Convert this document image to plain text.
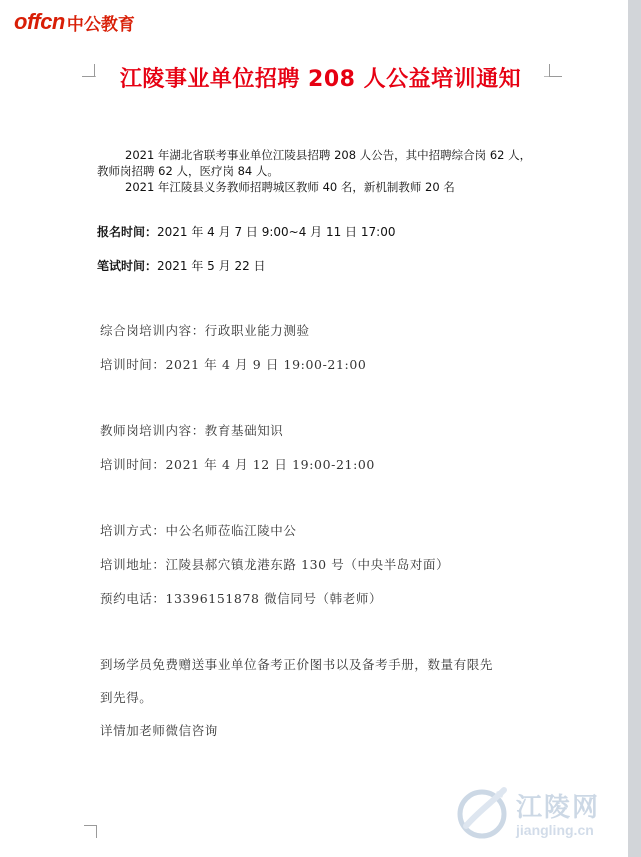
offcn 中公教育
江陵事业单位招聘 208 人公益培训通知
2021 年湖北省联考事业单位江陵县招聘 208 人公告，其中招聘综合岗 62 人，
教师岗招聘 62 人，医疗岗 84 人。
2021 年江陵县义务教师招聘城区教师 40 名，新机制教师 20 名
报名时间：2021 年 4 月 7 日 9:00~4 月 11 日 17:00
笔试时间：2021 年 5 月 22 日
综合岗培训内容：行政职业能力测验
培训时间：2021 年 4 月 9 日 19:00-21:00
教师岗培训内容：教育基础知识
培训时间：2021 年 4 月 12 日 19:00-21:00
培训方式：中公名师莅临江陵中公
培训地址：江陵县郝穴镇龙港东路 130 号（中央半岛对面）
预约电话：13396151878 微信同号（韩老师）
到场学员免费赠送事业单位备考正价图书以及备考手册，数量有限先
到先得。
详情加老师微信咨询
江陵网
jiangling.cn
